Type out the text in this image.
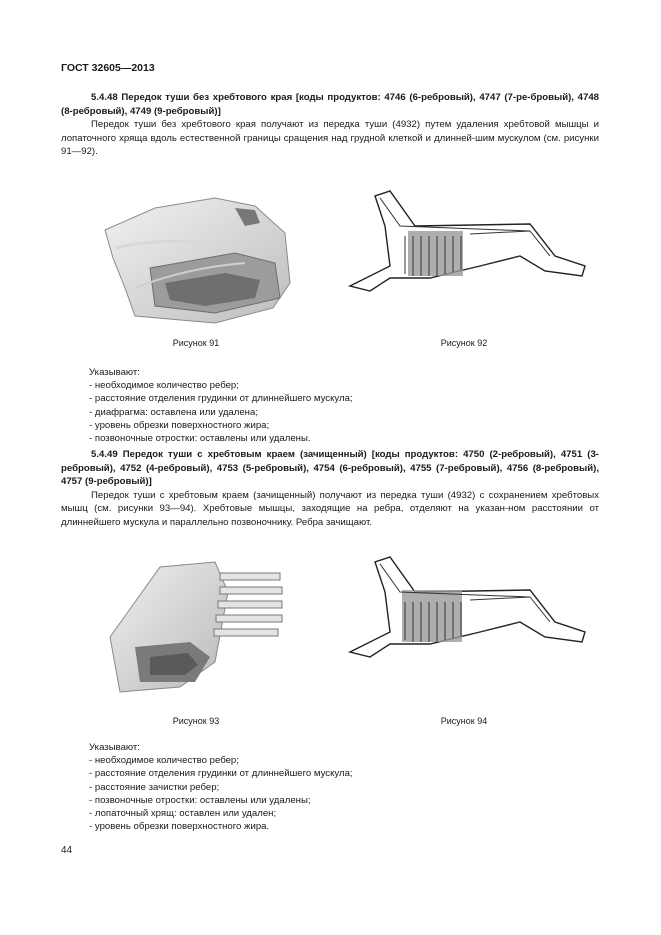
ГОСТ 32605—2013
5.4.48 Передок туши без хребтового края [коды продуктов: 4746 (6-ребровый), 4747 (7-ре-бровый), 4748 (8-ребровый), 4749 (9-ребровый)]
Передок туши без хребтового края получают из передка туши (4932) путем удаления хребтовой мышцы и лопаточного хряща вдоль естественной границы сращения над грудной клеткой и длинней-шим мускулом (см. рисунки 91—92).
Рисунок 91	Рисунок 92
Указывают:
- необходимое количество ребер;
- расстояние отделения грудинки от длиннейшего мускула;
- диафрагма: оставлена или удалена;
- уровень обрезки поверхностного жира;
- позвоночные отростки: оставлены или удалены.
5.4.49 Передок туши с хребтовым краем (зачищенный) [коды продуктов: 4750 (2-ребровый), 4751 (3-ребровый), 4752 (4-ребровый), 4753 (5-ребровый), 4754 (6-ребровый), 4755 (7-ребровый), 4756 (8-ребровый), 4757 (9-ребровый)]
Передок туши с хребтовым краем (зачищенный) получают из передка туши (4932) с сохранением хребтовых мышц (см. рисунки 93—94). Хребтовые мышцы, заходящие на ребра, отделяют на указан-ном расстоянии от длиннейшего мускула и параллельно позвоночнику. Ребра зачищают.
Рисунок 93	Рисунок 94
Указывают:
- необходимое количество ребер;
- расстояние отделения грудинки от длиннейшего мускула;
- расстояние зачистки ребер;
- позвоночные отростки: оставлены или удалены;
- лопаточный хрящ: оставлен или удален;
- уровень обрезки поверхностного жира.
44
